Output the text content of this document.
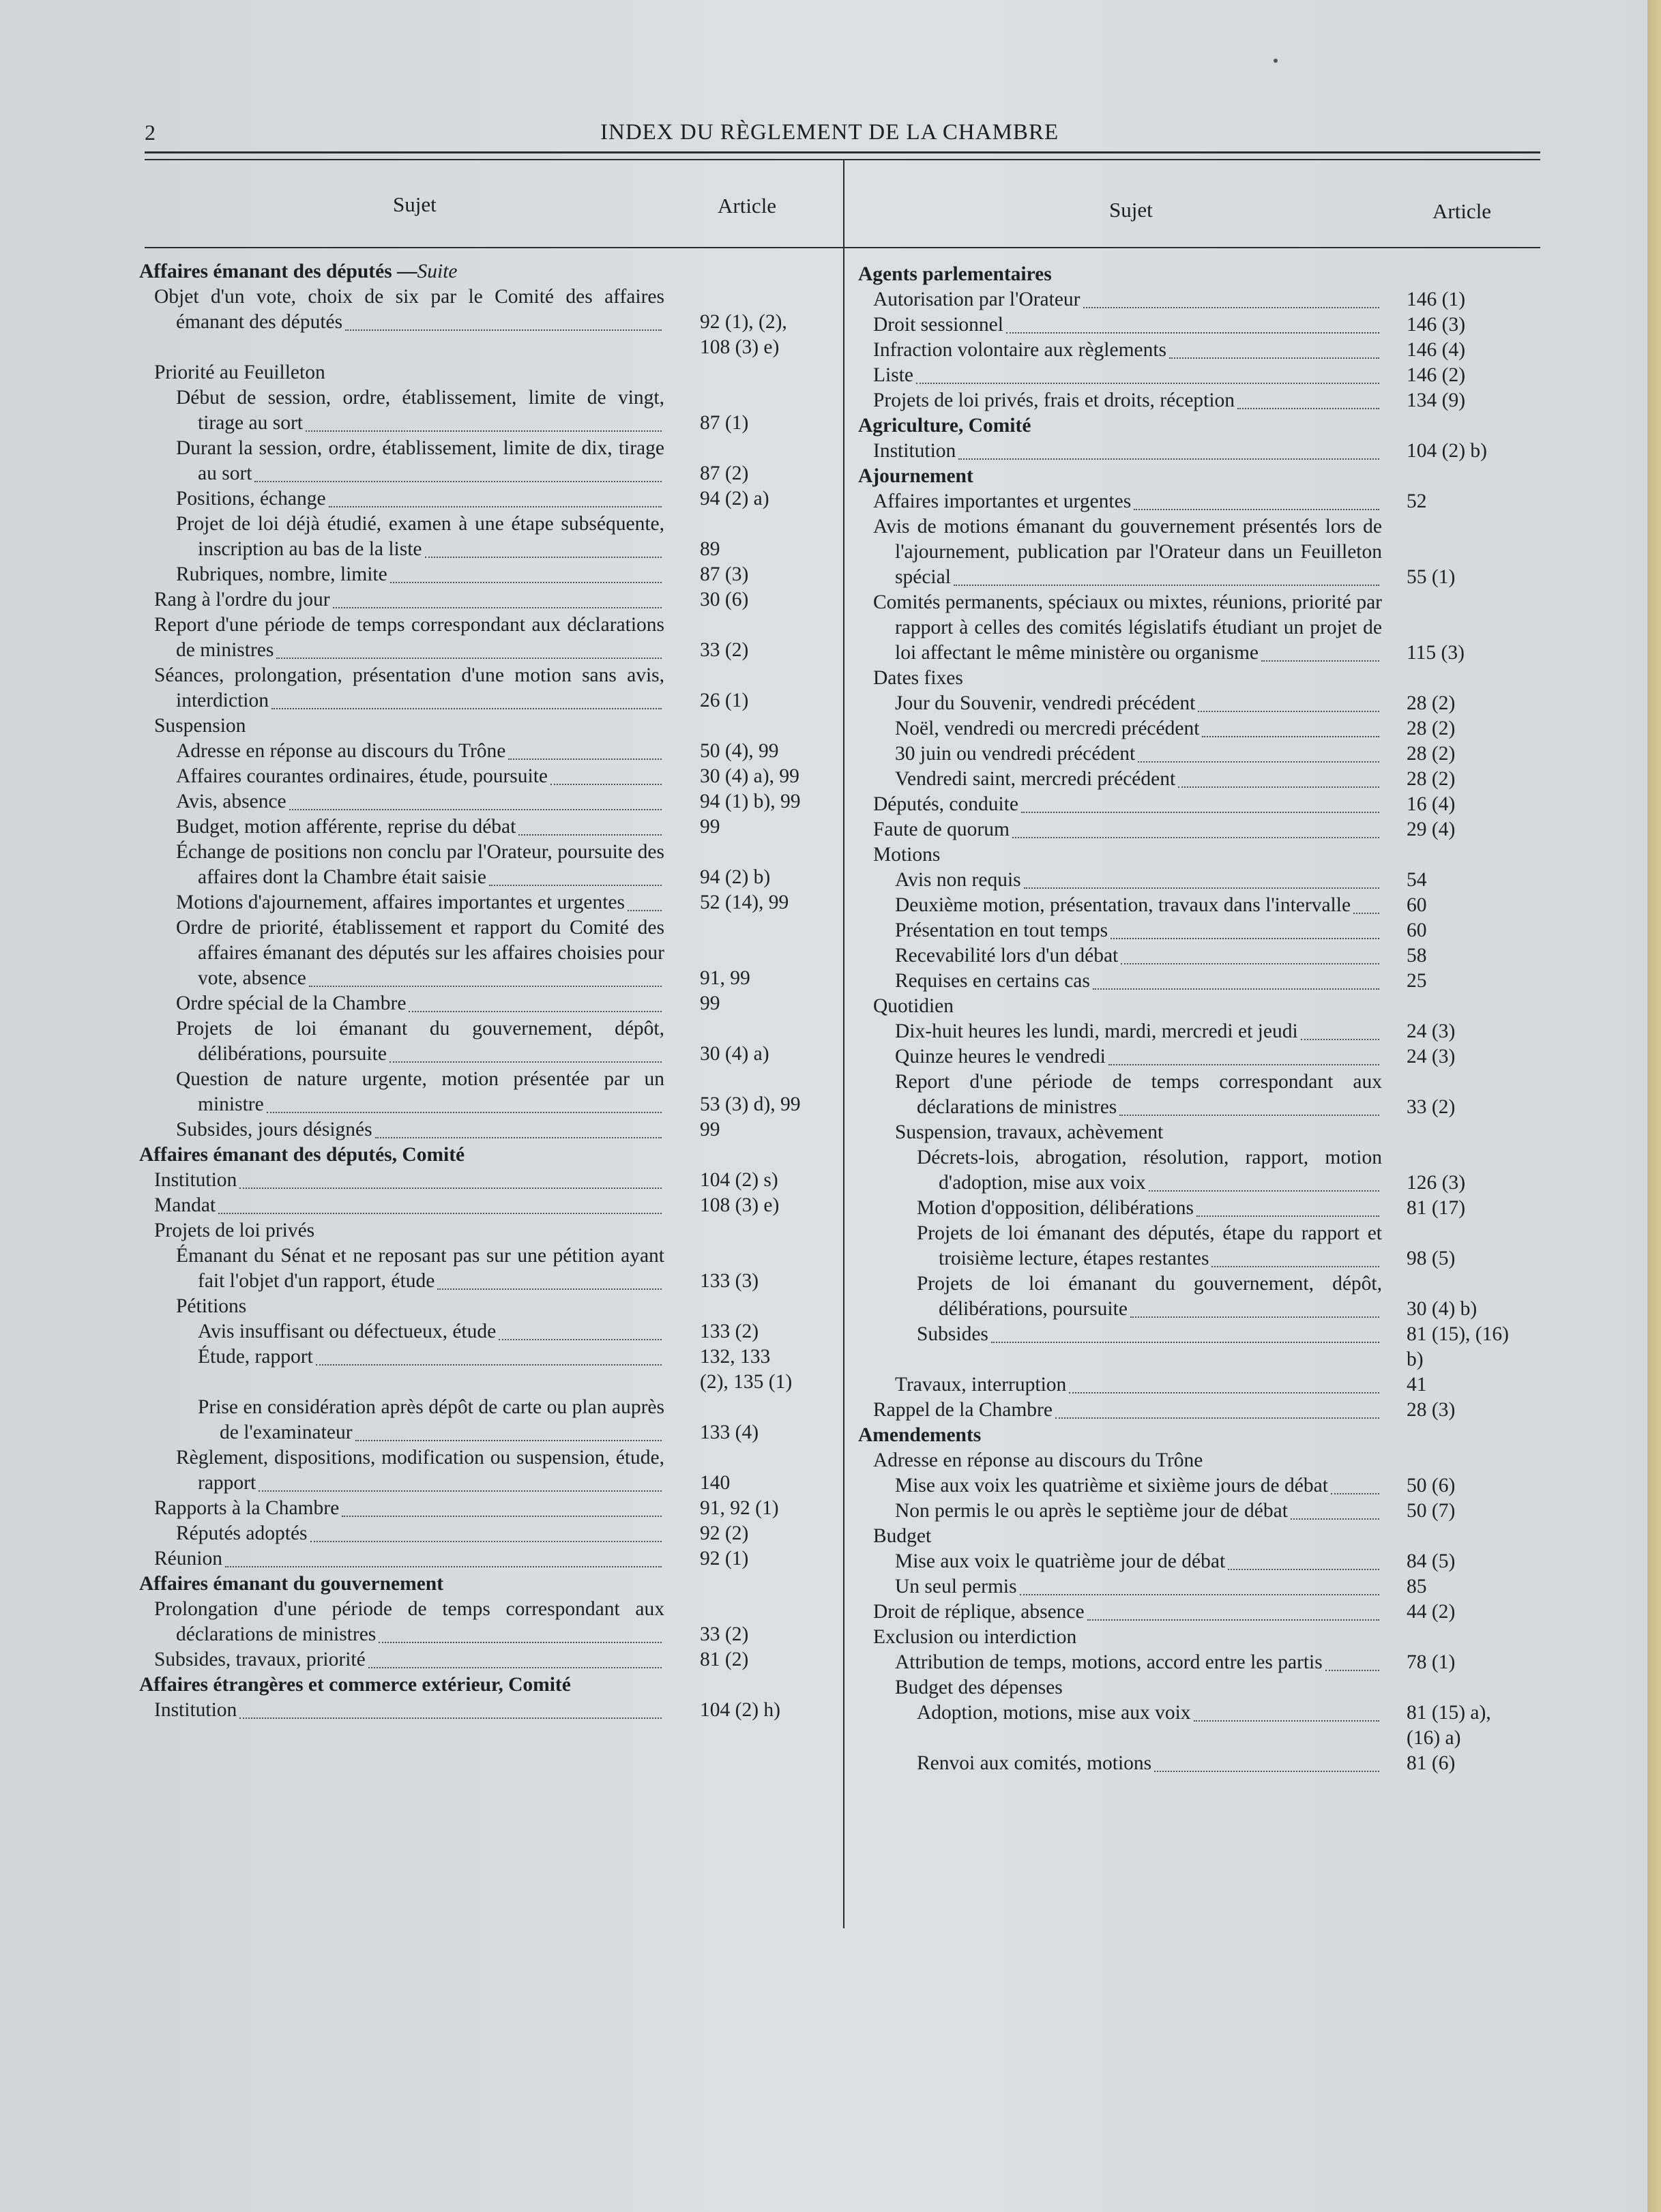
2	INDEX DU RÈGLEMENT DE LA CHAMBRE
Sujet	Article	Sujet	Article
Affaires émanant des députés —Suite
Objet d'un vote, choix de six par le Comité des affaires émanant des députés	92 (1), (2), 108 (3) e)
Priorité au Feuilleton
Début de session, ordre, établissement, limite de vingt, tirage au sort	87 (1)
Durant la session, ordre, établissement, limite de dix, tirage au sort	87 (2)
Positions, échange	94 (2) a)
Projet de loi déjà étudié, examen à une étape subséquente, inscription au bas de la liste	89
Rubriques, nombre, limite	87 (3)
Rang à l'ordre du jour	30 (6)
Report d'une période de temps correspondant aux déclarations de ministres	33 (2)
Séances, prolongation, présentation d'une motion sans avis, interdiction	26 (1)
Suspension
Adresse en réponse au discours du Trône	50 (4), 99
Affaires courantes ordinaires, étude, poursuite	30 (4) a), 99
Avis, absence	94 (1) b), 99
Budget, motion afférente, reprise du débat	99
Échange de positions non conclu par l'Orateur, poursuite des affaires dont la Chambre était saisie	94 (2) b)
Motions d'ajournement, affaires importantes et urgentes	52 (14), 99
Ordre de priorité, établissement et rapport du Comité des affaires émanant des députés sur les affaires choisies pour vote, absence	91, 99
Ordre spécial de la Chambre	99
Projets de loi émanant du gouvernement, dépôt, délibérations, poursuite	30 (4) a)
Question de nature urgente, motion présentée par un ministre	53 (3) d), 99
Subsides, jours désignés	99
Affaires émanant des députés, Comité
Institution	104 (2) s)
Mandat	108 (3) e)
Projets de loi privés
Émanant du Sénat et ne reposant pas sur une pétition ayant fait l'objet d'un rapport, étude	133 (3)
Pétitions
Avis insuffisant ou défectueux, étude	133 (2)
Étude, rapport	132, 133 (2), 135 (1)
Prise en considération après dépôt de carte ou plan auprès de l'examinateur	133 (4)
Règlement, dispositions, modification ou suspension, étude, rapport	140
Rapports à la Chambre	91, 92 (1)
Réputés adoptés	92 (2)
Réunion	92 (1)
Affaires émanant du gouvernement
Prolongation d'une période de temps correspondant aux déclarations de ministres	33 (2)
Subsides, travaux, priorité	81 (2)
Affaires étrangères et commerce extérieur, Comité
Institution	104 (2) h)
Agents parlementaires
Autorisation par l'Orateur	146 (1)
Droit sessionnel	146 (3)
Infraction volontaire aux règlements	146 (4)
Liste	146 (2)
Projets de loi privés, frais et droits, réception	134 (9)
Agriculture, Comité
Institution	104 (2) b)
Ajournement
Affaires importantes et urgentes	52
Avis de motions émanant du gouvernement présentés lors de l'ajournement, publication par l'Orateur dans un Feuilleton spécial	55 (1)
Comités permanents, spéciaux ou mixtes, réunions, priorité par rapport à celles des comités législatifs étudiant un projet de loi affectant le même ministère ou organisme	115 (3)
Dates fixes
Jour du Souvenir, vendredi précédent	28 (2)
Noël, vendredi ou mercredi précédent	28 (2)
30 juin ou vendredi précédent	28 (2)
Vendredi saint, mercredi précédent	28 (2)
Députés, conduite	16 (4)
Faute de quorum	29 (4)
Motions
Avis non requis	54
Deuxième motion, présentation, travaux dans l'intervalle	60
Présentation en tout temps	60
Recevabilité lors d'un débat	58
Requises en certains cas	25
Quotidien
Dix-huit heures les lundi, mardi, mercredi et jeudi	24 (3)
Quinze heures le vendredi	24 (3)
Report d'une période de temps correspondant aux déclarations de ministres	33 (2)
Suspension, travaux, achèvement
Décrets-lois, abrogation, résolution, rapport, motion d'adoption, mise aux voix	126 (3)
Motion d'opposition, délibérations	81 (17)
Projets de loi émanant des députés, étape du rapport et troisième lecture, étapes restantes	98 (5)
Projets de loi émanant du gouvernement, dépôt, délibérations, poursuite	30 (4) b)
Subsides	81 (15), (16) b)
Travaux, interruption	41
Rappel de la Chambre	28 (3)
Amendements
Adresse en réponse au discours du Trône
Mise aux voix les quatrième et sixième jours de débat	50 (6)
Non permis le ou après le septième jour de débat	50 (7)
Budget
Mise aux voix le quatrième jour de débat	84 (5)
Un seul permis	85
Droit de réplique, absence	44 (2)
Exclusion ou interdiction
Attribution de temps, motions, accord entre les partis	78 (1)
Budget des dépenses
Adoption, motions, mise aux voix	81 (15) a), (16) a)
Renvoi aux comités, motions	81 (6)
